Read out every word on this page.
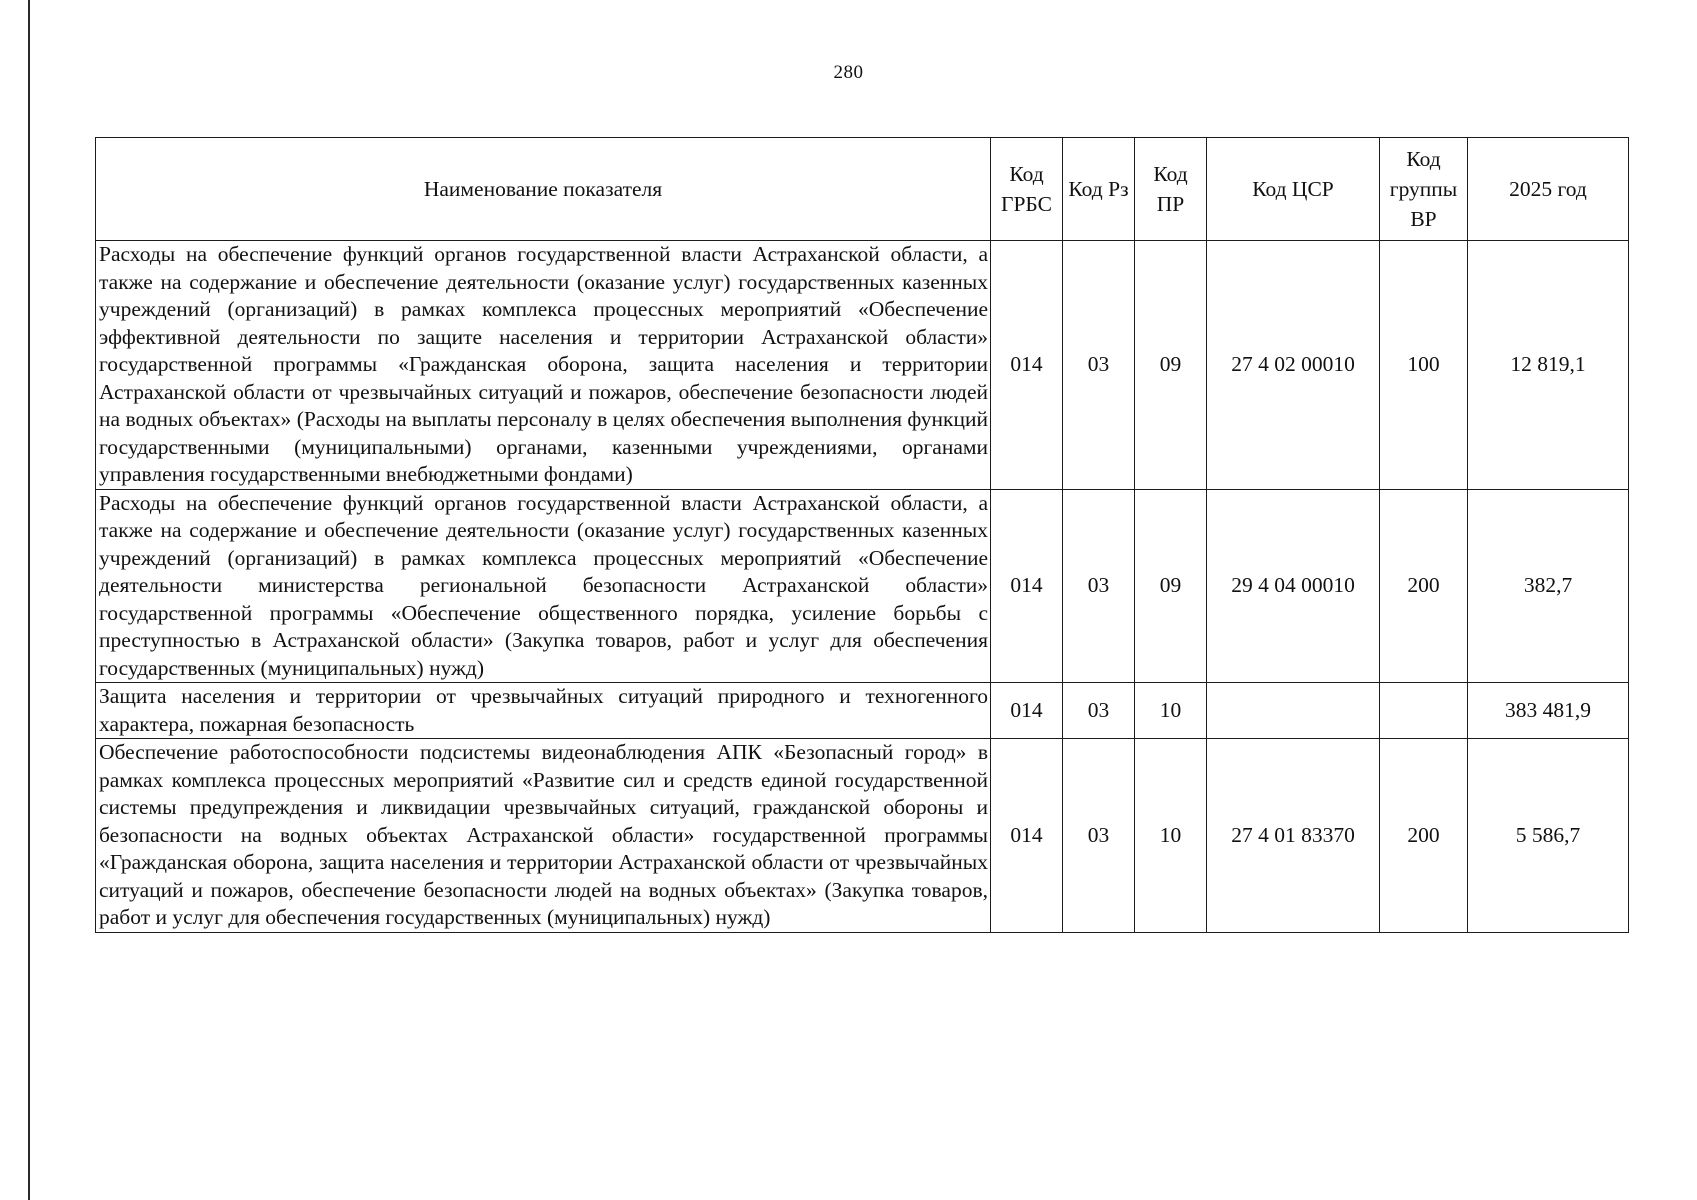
280
Наименование показателя	Код ГРБС	Код Рз	Код ПР	Код ЦСР	Код группы ВР	2025 год
Расходы на обеспечение функций органов государственной власти Астраханской области, а также на содержание и обеспечение деятельности (оказание услуг) государственных казенных учреждений (организаций) в рамках комплекса процессных мероприятий «Обеспечение эффективной деятельности по защите населения и территории Астраханской области» государственной программы «Гражданская оборона, защита населения и территории Астраханской области от чрезвычайных ситуаций и пожаров, обеспечение безопасности людей на водных объектах» (Расходы на выплаты персоналу в целях обеспечения выполнения функций государственными (муниципальными) органами, казенными учреждениями, органами управления государственными внебюджетными фондами)	014	03	09	27 4 02 00010	100	12 819,1
Расходы на обеспечение функций органов государственной власти Астраханской области, а также на содержание и обеспечение деятельности (оказание услуг) государственных казенных учреждений (организаций) в рамках комплекса процессных мероприятий «Обеспечение деятельности министерства региональной безопасности Астраханской области» государственной программы «Обеспечение общественного порядка, усиление борьбы с преступностью в Астраханской области» (Закупка товаров, работ и услуг для обеспечения государственных (муниципальных) нужд)	014	03	09	29 4 04 00010	200	382,7
Защита населения и территории от чрезвычайных ситуаций природного и техногенного характера, пожарная безопасность	014	03	10			383 481,9
Обеспечение работоспособности подсистемы видеонаблюдения АПК «Безопасный город» в рамках комплекса процессных мероприятий «Развитие сил и средств единой государственной системы предупреждения и ликвидации чрезвычайных ситуаций, гражданской обороны и безопасности на водных объектах Астраханской области» государственной программы «Гражданская оборона, защита населения и территории Астраханской области от чрезвычайных ситуаций и пожаров, обеспечение безопасности людей на водных объектах» (Закупка товаров, работ и услуг для обеспечения государственных (муниципальных) нужд)	014	03	10	27 4 01 83370	200	5 586,7
